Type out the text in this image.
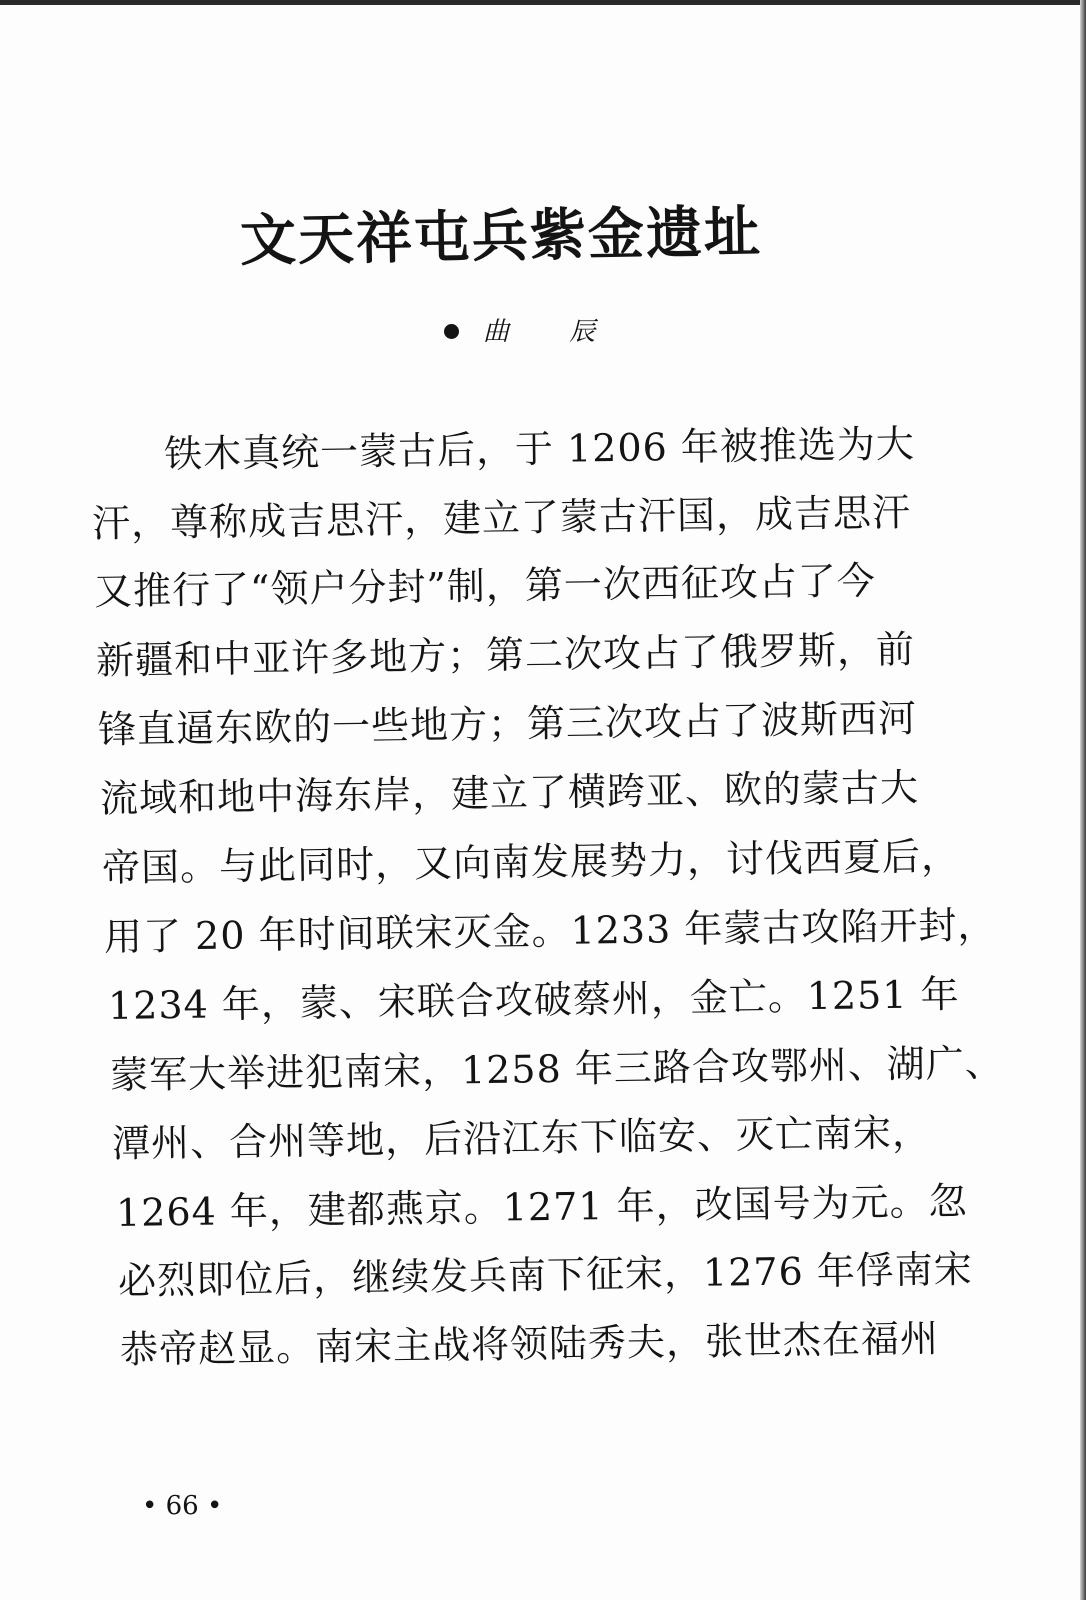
文天祥屯兵紫金遗址
曲 辰

铁木真统一蒙古后，于 1206 年被推选为大

汗，尊称成吉思汗，建立了蒙古汗国，成吉思汗

又推行了“领户分封”制，第一次西征攻占了今

新疆和中亚许多地方；第二次攻占了俄罗斯，前

锋直逼东欧的一些地方；第三次攻占了波斯西河

流域和地中海东岸，建立了横跨亚、欧的蒙古大

帝国。与此同时，又向南发展势力，讨伐西夏后，

用了 20 年时间联宋灭金。1233 年蒙古攻陷开封，

1234 年，蒙、宋联合攻破蔡州，金亡。1251 年

蒙军大举进犯南宋，1258 年三路合攻鄂州、湖广、

潭州、合州等地，后沿江东下临安、灭亡南宋，

1264 年，建都燕京。1271 年，改国号为元。忽

必烈即位后，继续发兵南下征宋，1276 年俘南宋

恭帝赵显。南宋主战将领陆秀夫，张世杰在福州

• 66 •
